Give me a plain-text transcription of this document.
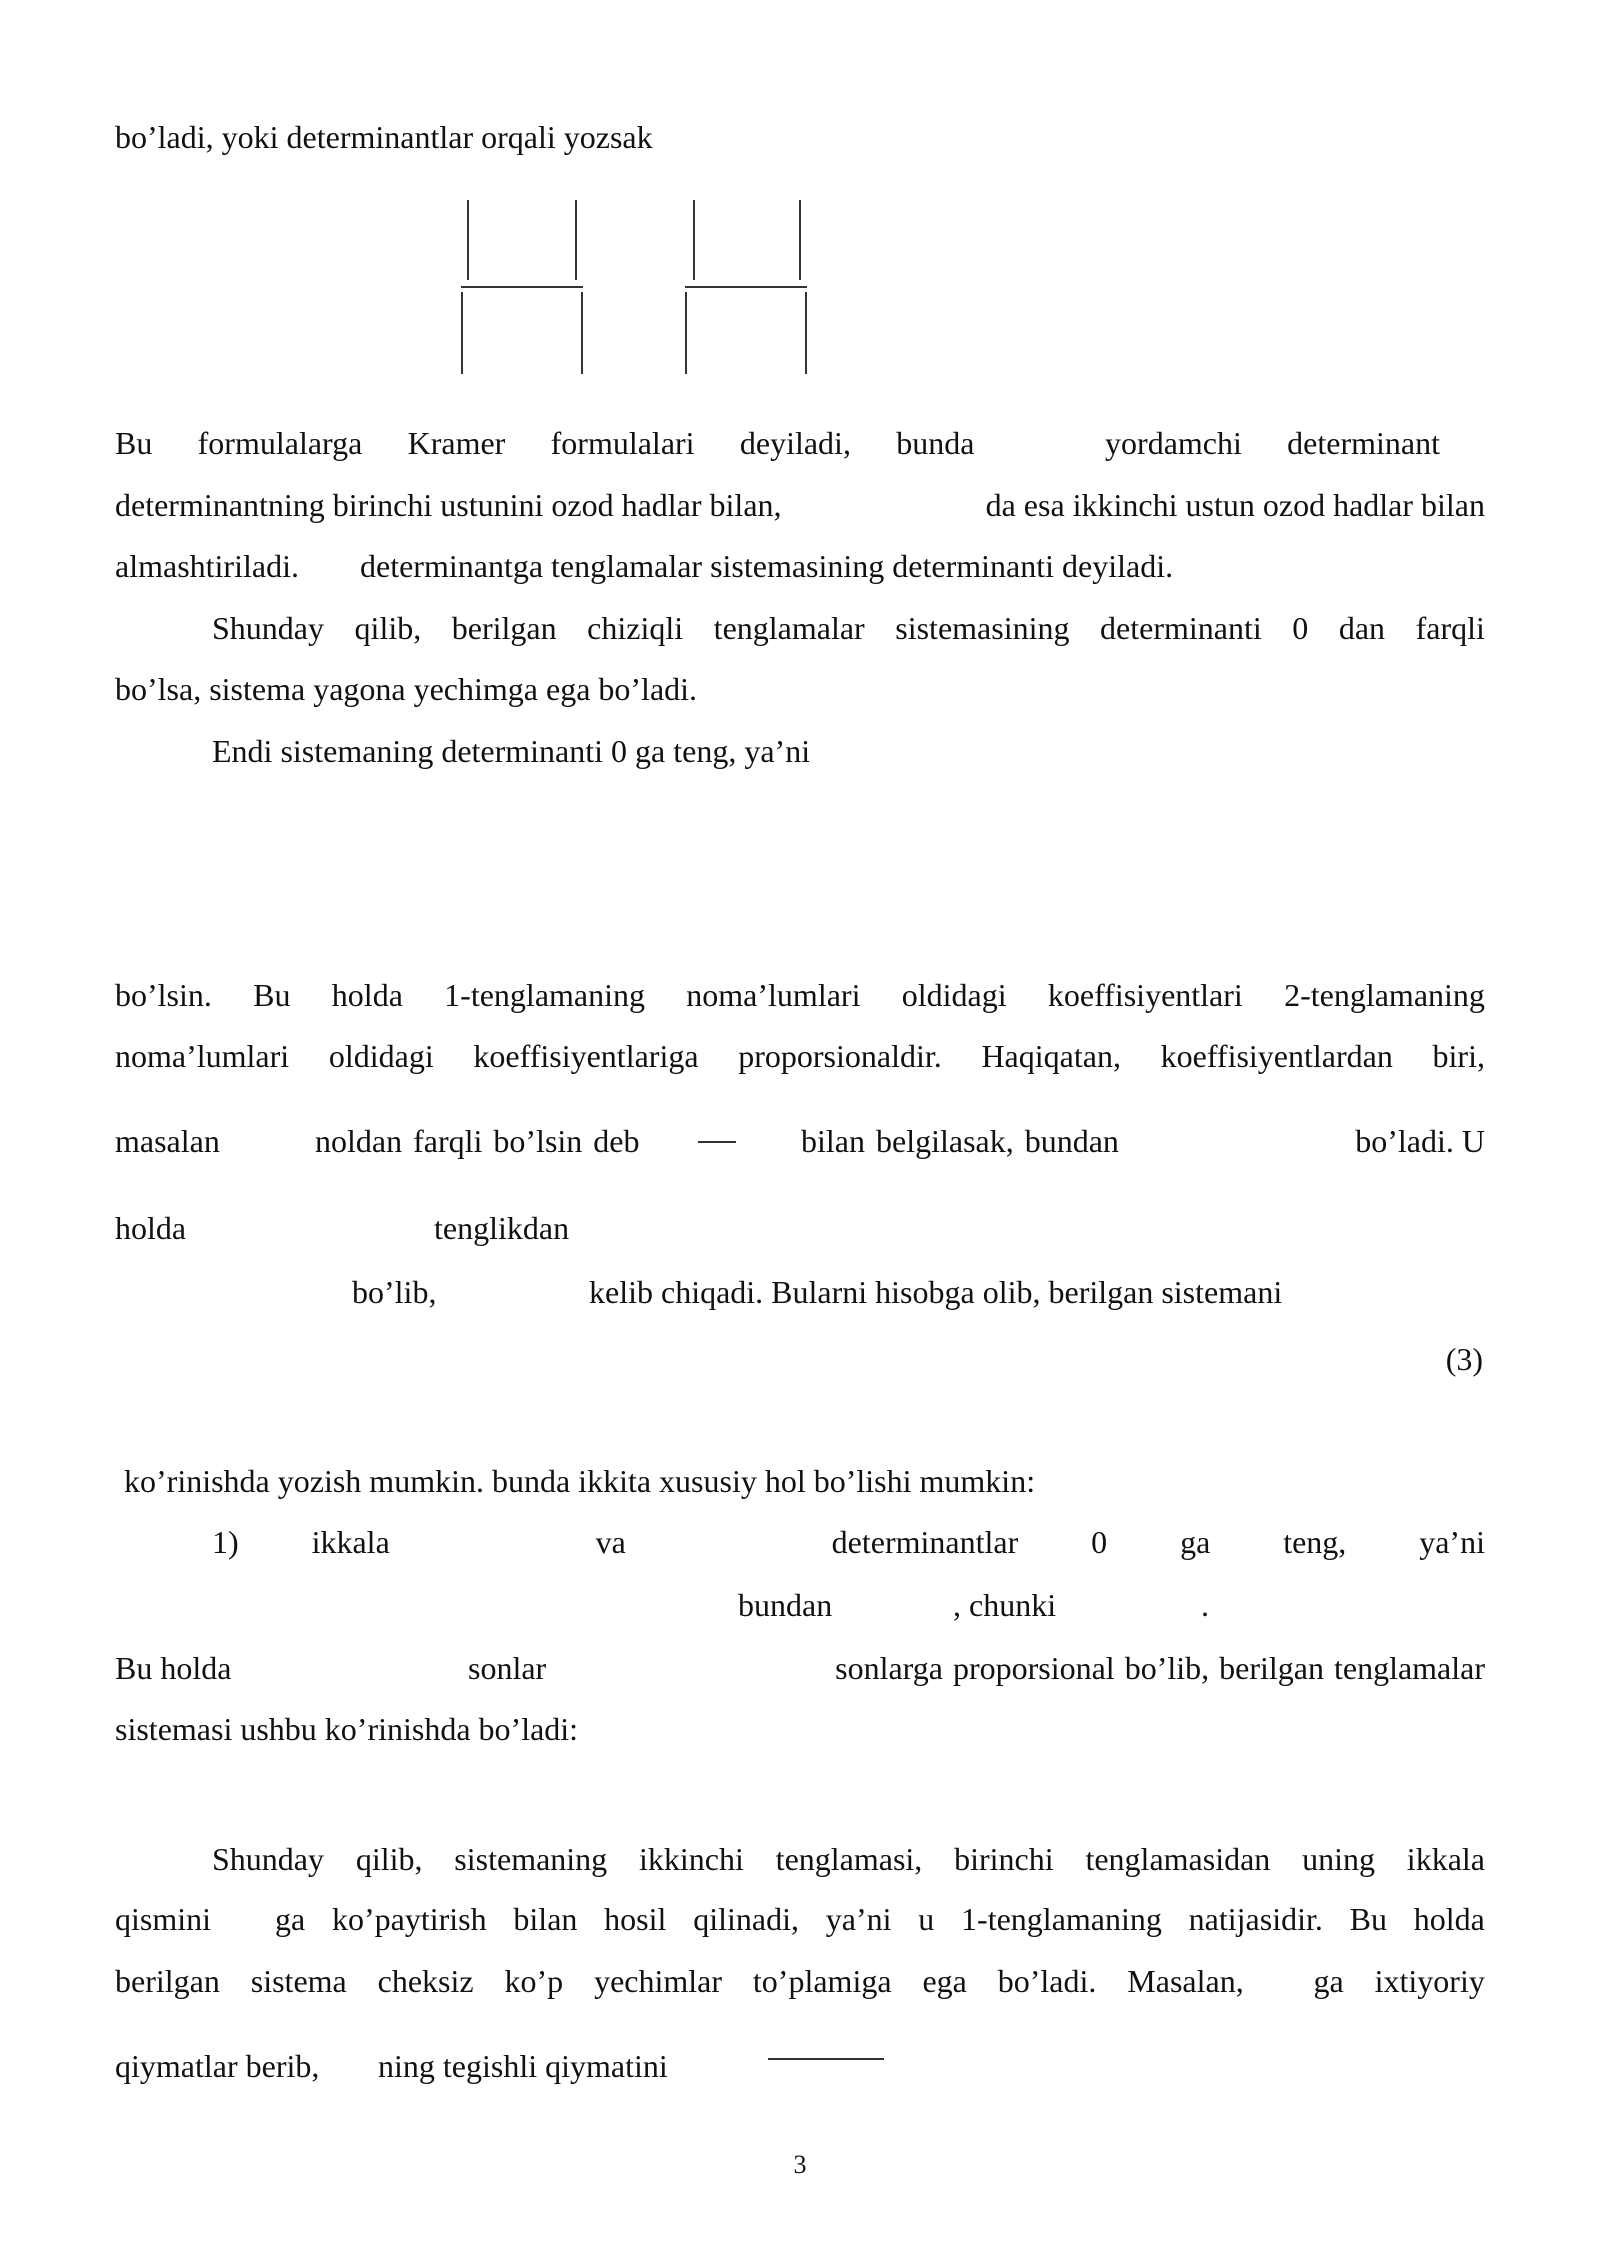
bo’ladi, yoki determinantlar orqali yozsak
Bu formulalarga Kramer formulalari deyiladi, bunda	yordamchi determinant
determinantning birinchi ustunini ozod hadlar bilan,	da esa ikkinchi ustun ozod hadlar bilan
almashtiriladi. determinantga tenglamalar sistemasining determinanti deyiladi.
Shunday qilib, berilgan chiziqli tenglamalar sistemasining determinanti 0 dan farqli
bo’lsa, sistema yagona yechimga ega bo’ladi.
Endi sistemaning determinanti 0 ga teng, ya’ni
bo’lsin. Bu holda 1-tenglamaning noma’lumlari oldidagi koeffisiyentlari 2-tenglamaning
noma’lumlari oldidagi koeffisiyentlariga proporsionaldir. Haqiqatan, koeffisiyentlardan biri,
masalan	noldan farqli bo’lsin deb	bilan belgilasak, bundan	bo’ladi. U
holda	tenglikdan
bo’lib,	kelib chiqadi. Bularni hisobga olib, berilgan sistemani
(3)
ko’rinishda yozish mumkin. bunda ikkita xususiy hol bo’lishi mumkin:
1) ikkala	va	determinantlar 0 ga teng, ya’ni
bundan	, chunki	.
Bu holda	sonlar	sonlarga proporsional bo’lib, berilgan tenglamalar
sistemasi ushbu ko’rinishda bo’ladi:
Shunday qilib, sistemaning ikkinchi tenglamasi, birinchi tenglamasidan uning ikkala
qismini ga ko’paytirish bilan hosil qilinadi, ya’ni u 1-tenglamaning natijasidir. Bu holda
berilgan sistema cheksiz ko’p yechimlar to’plamiga ega bo’ladi. Masalan, ga ixtiyoriy
qiymatlar berib, ning tegishli qiymatini
3
